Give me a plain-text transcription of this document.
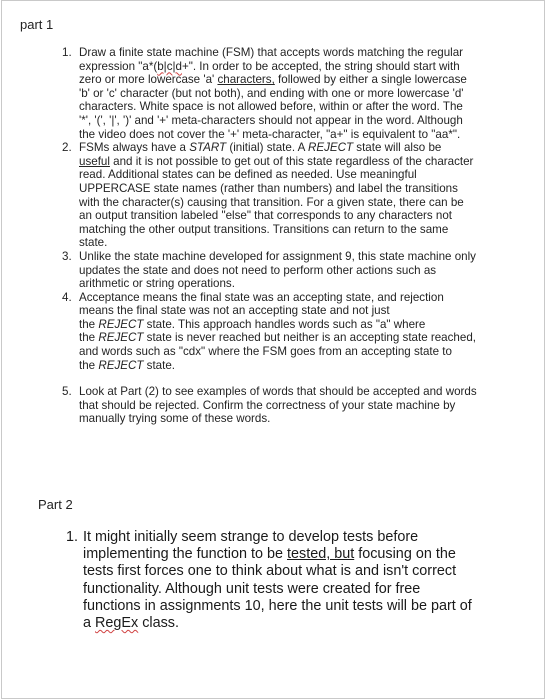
part 1
1. Draw a finite state machine (FSM) that accepts words matching the regular
expression "a*(b|c|d+". In order to be accepted, the string should start with
zero or more lowercase 'a' characters, followed by either a single lowercase
'b' or 'c' character (but not both), and ending with one or more lowercase 'd'
characters. White space is not allowed before, within or after the word. The
'*', '(', '|', ')' and '+' meta-characters should not appear in the word. Although
the video does not cover the '+' meta-character, "a+" is equivalent to "aa*".
2. FSMs always have a START (initial) state. A REJECT state will also be
useful and it is not possible to get out of this state regardless of the character
read. Additional states can be defined as needed. Use meaningful
UPPERCASE state names (rather than numbers) and label the transitions
with the character(s) causing that transition. For a given state, there can be
an output transition labeled "else" that corresponds to any characters not
matching the other output transitions. Transitions can return to the same
state.
3. Unlike the state machine developed for assignment 9, this state machine only
updates the state and does not need to perform other actions such as
arithmetic or string operations.
4. Acceptance means the final state was an accepting state, and rejection
means the final state was not an accepting state and not just
the REJECT state. This approach handles words such as "a" where
the REJECT state is never reached but neither is an accepting state reached,
and words such as "cdx" where the FSM goes from an accepting state to
the REJECT state.
5. Look at Part (2) to see examples of words that should be accepted and words
that should be rejected. Confirm the correctness of your state machine by
manually trying some of these words.
Part 2
1. It might initially seem strange to develop tests before
implementing the function to be tested, but focusing on the
tests first forces one to think about what is and isn't correct
functionality. Although unit tests were created for free
functions in assignments 10, here the unit tests will be part of
a RegEx class.
